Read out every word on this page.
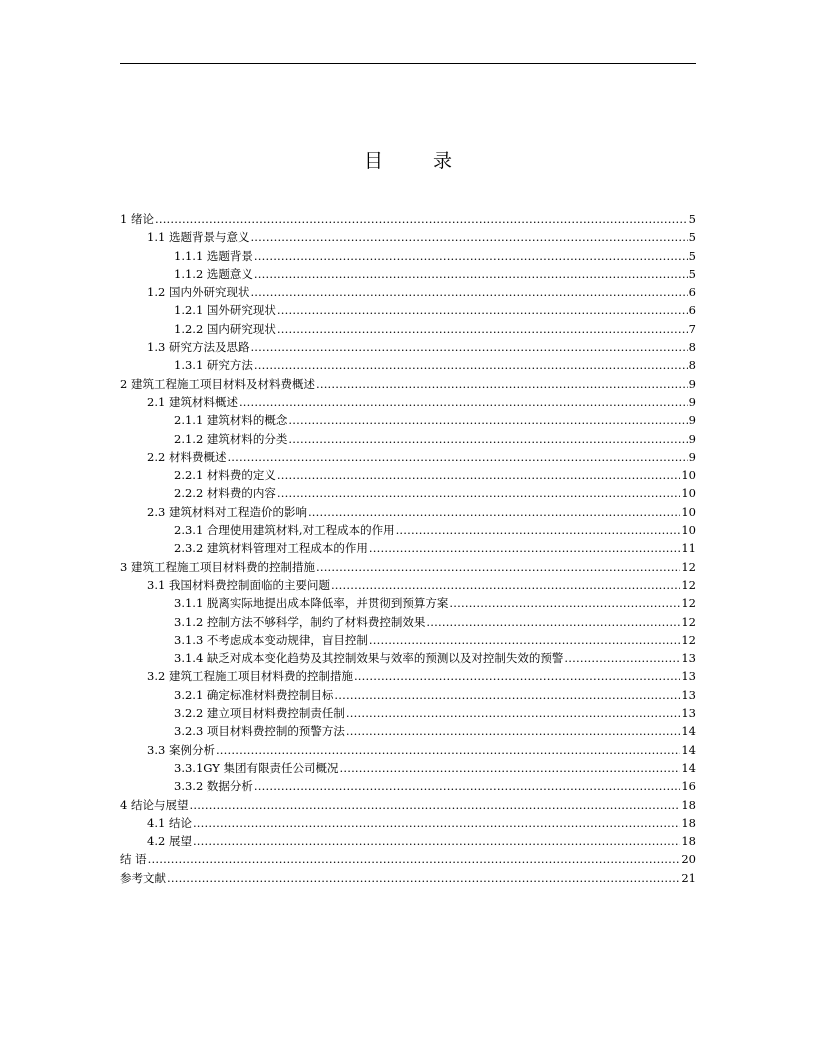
目 录
1 绪论 .....	5
1.1 选题背景与意义 .....	5
1.1.1 选题背景 .....	5
1.1.2 选题意义 .....	5
1.2 国内外研究现状 .....	6
1.2.1 国外研究现状 .....	6
1.2.2 国内研究现状 .....	7
1.3 研究方法及思路 .....	8
1.3.1 研究方法 .....	8
2 建筑工程施工项目材料及材料费概述 .....	9
2.1 建筑材料概述 .....	9
2.1.1 建筑材料的概念 .....	9
2.1.2 建筑材料的分类 .....	9
2.2 材料费概述 .....	9
2.2.1 材料费的定义 .....	10
2.2.2 材料费的内容 .....	10
2.3 建筑材料对工程造价的影响 .....	10
2.3.1 合理使用建筑材料,对工程成本的作用 .....	10
2.3.2 建筑材料管理对工程成本的作用 .....	11
3 建筑工程施工项目材料费的控制措施 .....	12
3.1 我国材料费控制面临的主要问题 .....	12
3.1.1 脱离实际地提出成本降低率，并贯彻到预算方案 .....	12
3.1.2 控制方法不够科学，制约了材料费控制效果 .....	12
3.1.3 不考虑成本变动规律，盲目控制 .....	12
3.1.4 缺乏对成本变化趋势及其控制效果与效率的预测以及对控制失效的预警 .....	13
3.2 建筑工程施工项目材料费的控制措施 .....	13
3.2.1 确定标准材料费控制目标 .....	13
3.2.2 建立项目材料费控制责任制 .....	13
3.2.3 项目材料费控制的预警方法 .....	14
3.3 案例分析 .....	14
3.3.1GY 集团有限责任公司概况 .....	14
3.3.2 数据分析 .....	16
4 结论与展望 .....	18
4.1 结论 .....	18
4.2 展望 .....	18
结 语 .....	20
参考文献 .....	21
